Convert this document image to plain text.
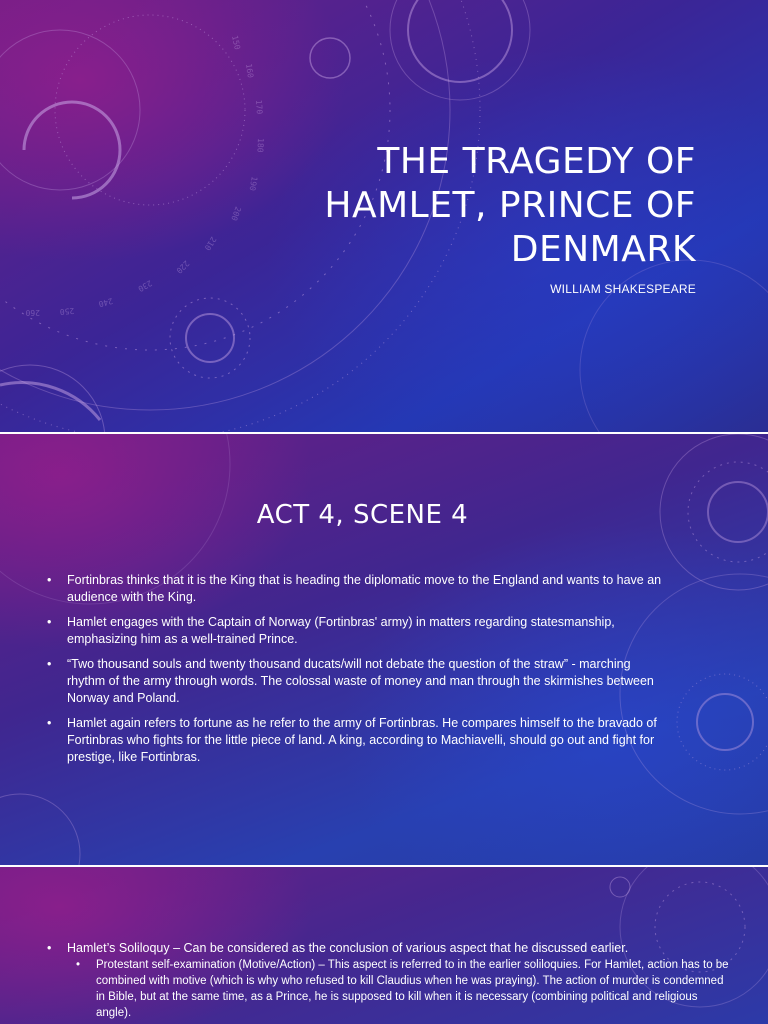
150
160
170
180
190
200
210
220
230
240
250
260
THE TRAGEDY OF
HAMLET, PRINCE OF
DENMARK
WILLIAM SHAKESPEARE
ACT 4, SCENE 4
• Fortinbras thinks that it is the King that is heading the diplomatic move to the England and wants to have an audience with the King.
• Hamlet engages with the Captain of Norway (Fortinbras' army) in matters regarding statesmanship, emphasizing him as a well-trained Prince.
• “Two thousand souls and twenty thousand ducats/will not debate the question of the straw” - marching rhythm of the army through words. The colossal waste of money and man through the skirmishes between Norway and Poland.
• Hamlet again refers to fortune as he refer to the army of Fortinbras. He compares himself to the bravado of Fortinbras who fights for the little piece of land. A king, according to Machiavelli, should go out and fight for prestige, like Fortinbras.
• Hamlet’s Soliloquy – Can be considered as the conclusion of various aspect that he discussed earlier.
• Protestant self-examination (Motive/Action) – This aspect is referred to in the earlier soliloquies. For Hamlet, action has to be combined with motive (which is why who refused to kill Claudius when he was praying). The action of murder is condemned in Bible, but at the same time, as a Prince, he is supposed to kill when it is necessary (combining political and religious angle).
